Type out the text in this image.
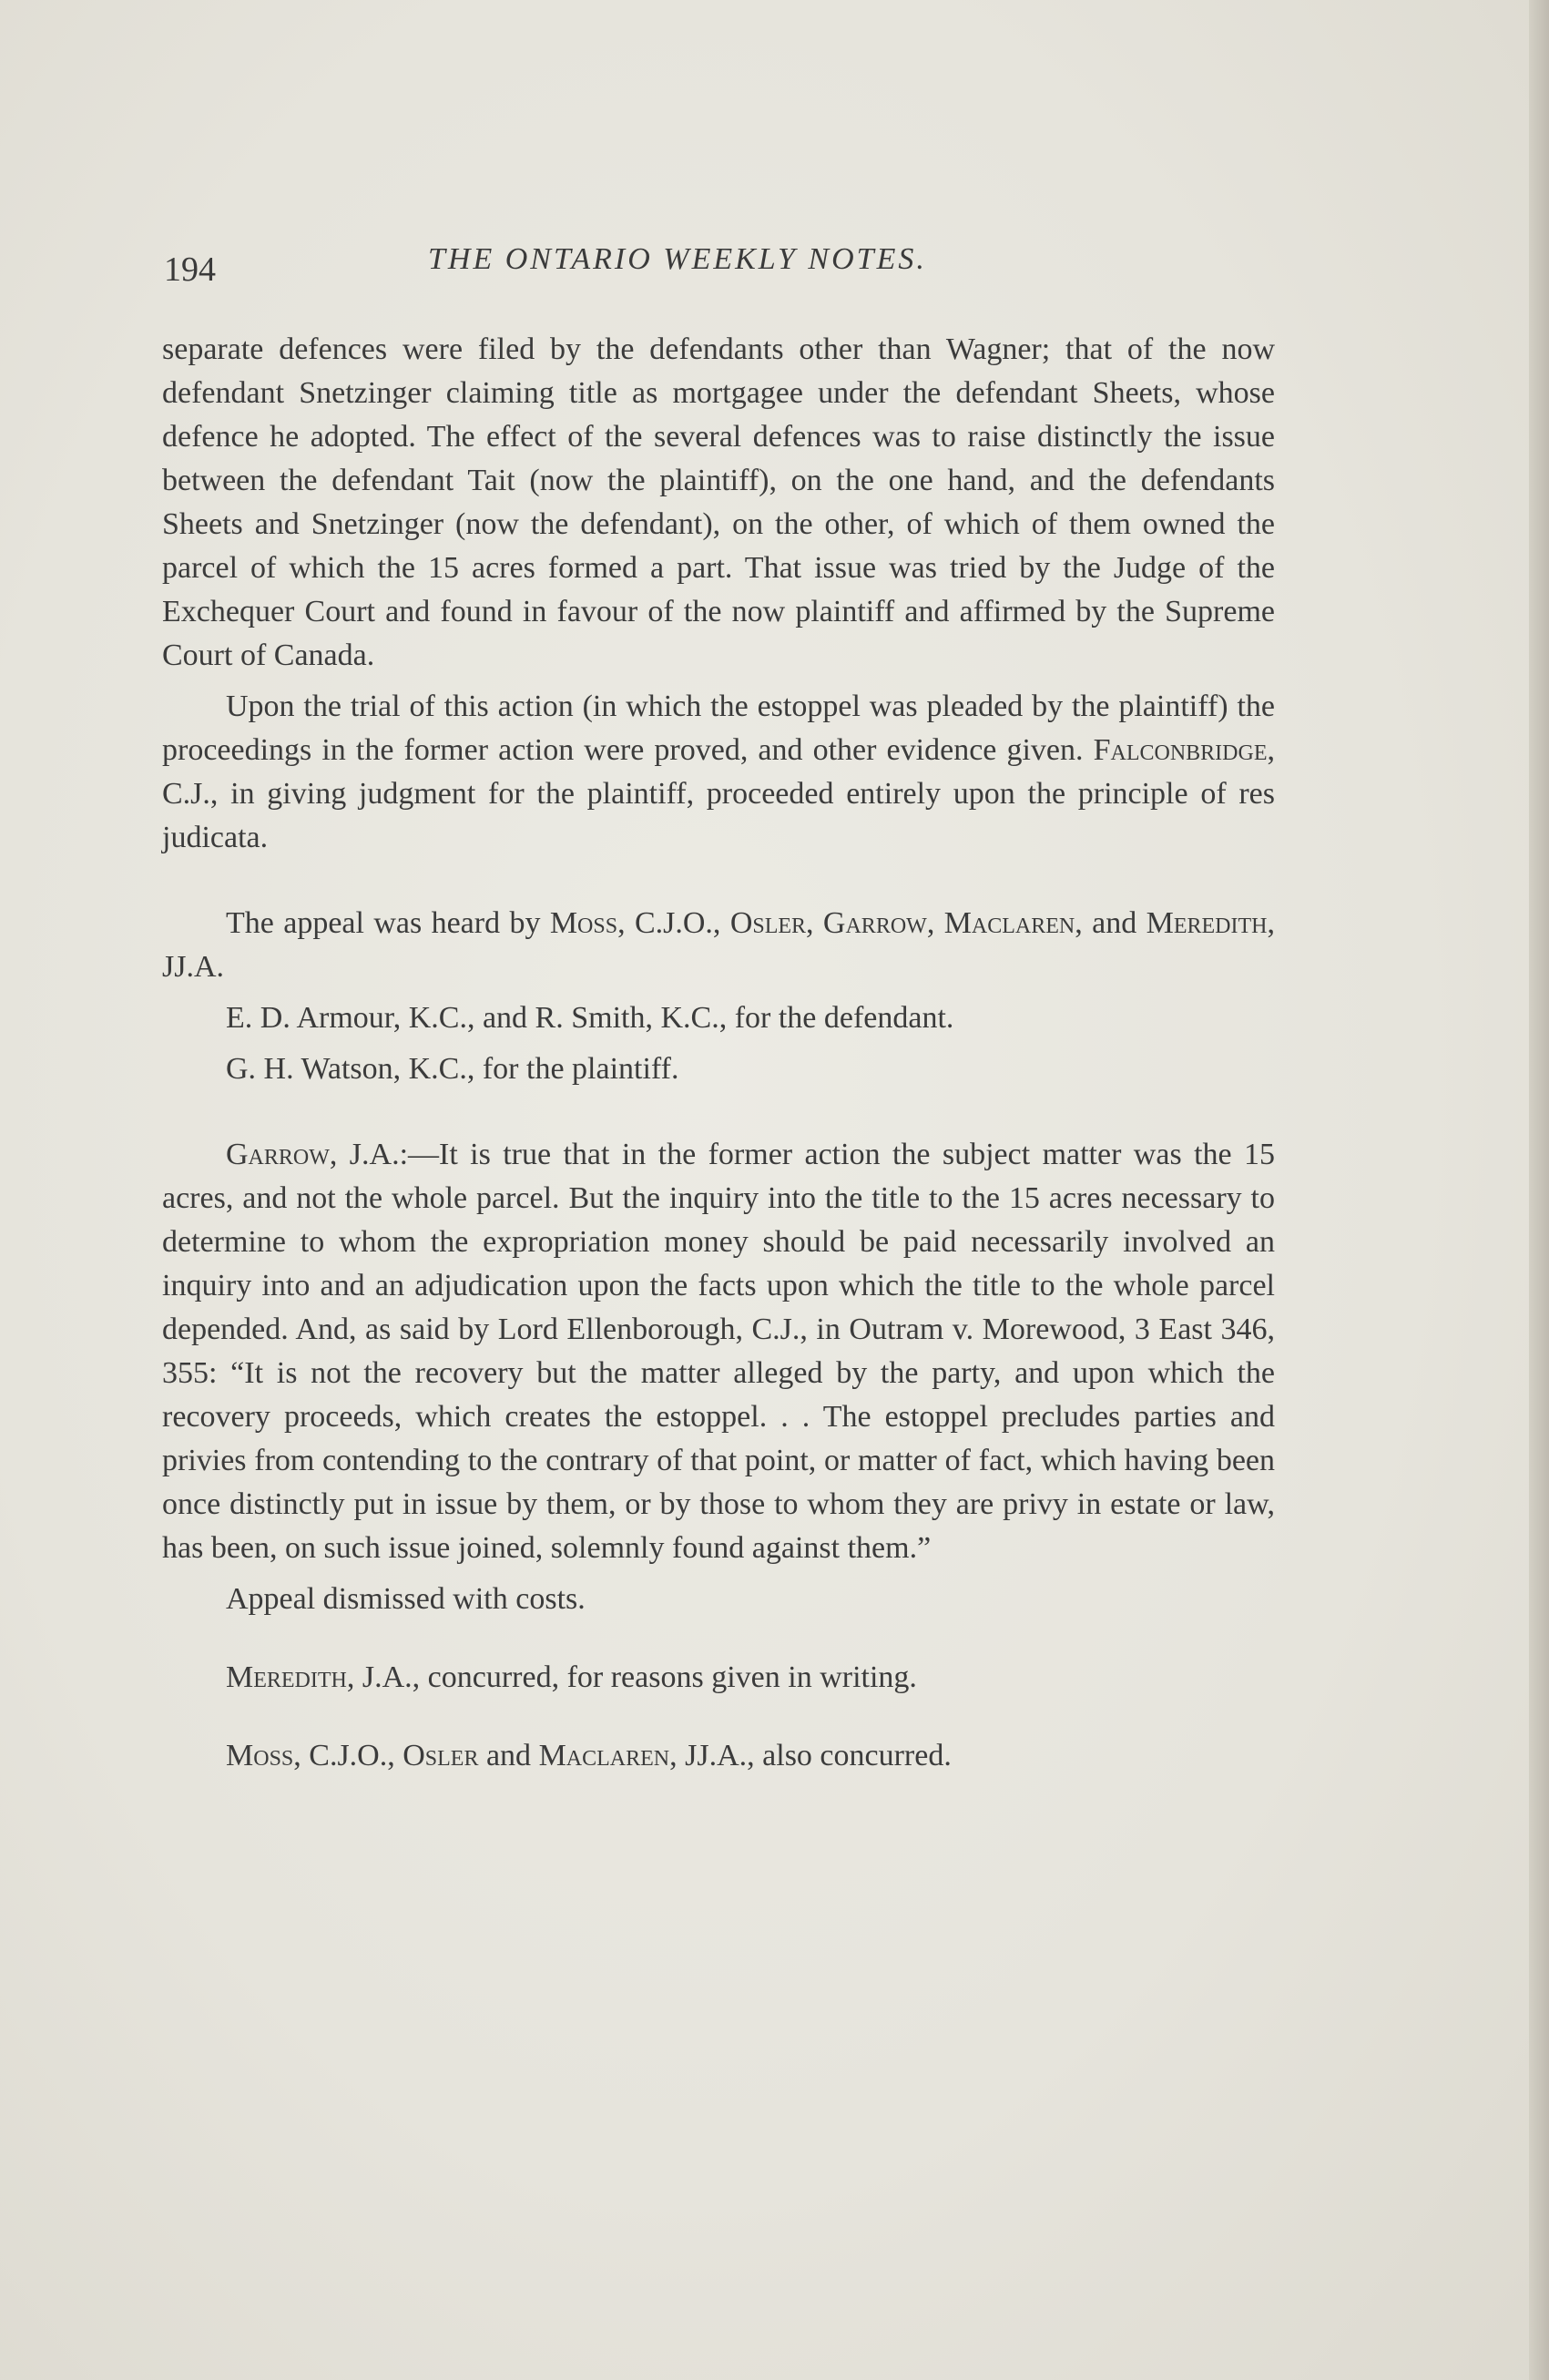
194	THE ONTARIO WEEKLY NOTES.

separate defences were filed by the defendants other than Wagner; that of the now defendant Snetzinger claiming title as mortgagee under the defendant Sheets, whose defence he adopted. The effect of the several defences was to raise distinctly the issue between the defendant Tait (now the plaintiff), on the one hand, and the defendants Sheets and Snetzinger (now the defendant), on the other, of which of them owned the parcel of which the 15 acres formed a part. That issue was tried by the Judge of the Exchequer Court and found in favour of the now plaintiff and affirmed by the Supreme Court of Canada.

Upon the trial of this action (in which the estoppel was pleaded by the plaintiff) the proceedings in the former action were proved, and other evidence given. Falconbridge, C.J., in giving judgment for the plaintiff, proceeded entirely upon the principle of res judicata.

The appeal was heard by Moss, C.J.O., Osler, Garrow, Maclaren, and Meredith, JJ.A.

E. D. Armour, K.C., and R. Smith, K.C., for the defendant.

G. H. Watson, K.C., for the plaintiff.

Garrow, J.A.:—It is true that in the former action the subject matter was the 15 acres, and not the whole parcel. But the inquiry into the title to the 15 acres necessary to determine to whom the expropriation money should be paid necessarily involved an inquiry into and an adjudication upon the facts upon which the title to the whole parcel depended. And, as said by Lord Ellenborough, C.J., in Outram v. Morewood, 3 East 346, 355: “It is not the recovery but the matter alleged by the party, and upon which the recovery proceeds, which creates the estoppel. . . The estoppel precludes parties and privies from contending to the contrary of that point, or matter of fact, which having been once distinctly put in issue by them, or by those to whom they are privy in estate or law, has been, on such issue joined, solemnly found against them.”

Appeal dismissed with costs.

Meredith, J.A., concurred, for reasons given in writing.

Moss, C.J.O., Osler and Maclaren, JJ.A., also concurred.
